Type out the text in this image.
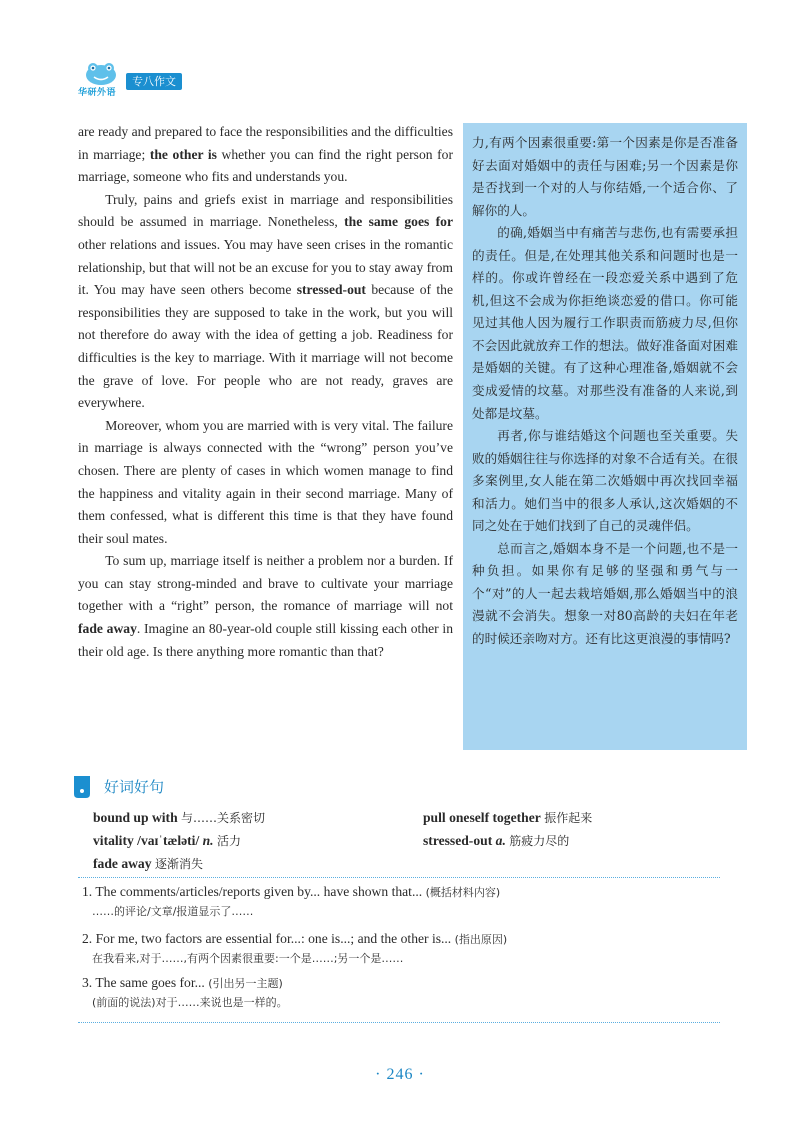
华研外语
专八作文

are ready and prepared to face the responsibilities and the difficulties in marriage; the other is whether you can find the right person for marriage, someone who fits and understands you.

Truly, pains and griefs exist in marriage and responsibilities should be assumed in marriage. Nonetheless, the same goes for other relations and issues. You may have seen crises in the romantic relationship, but that will not be an excuse for you to stay away from it. You may have seen others become stressed-out because of the responsibilities they are supposed to take in the work, but you will not therefore do away with the idea of getting a job. Readiness for difficulties is the key to marriage. With it marriage will not become the grave of love. For people who are not ready, graves are everywhere.

Moreover, whom you are married with is very vital. The failure in marriage is always connected with the “wrong” person you’ve chosen. There are plenty of cases in which women manage to find the happiness and vitality again in their second marriage. Many of them confessed, what is different this time is that they have found their soul mates.

To sum up, marriage itself is neither a problem nor a burden. If you can stay strong-minded and brave to cultivate your marriage together with a “right” person, the romance of marriage will not fade away. Imagine an 80-year-old couple still kissing each other in their old age. Is there anything more romantic than that?

力,有两个因素很重要:第一个因素是你是否准备好去面对婚姻中的责任与困难;另一个因素是你是否找到一个对的人与你结婚,一个适合你、了解你的人。

的确,婚姻当中有痛苦与悲伤,也有需要承担的责任。但是,在处理其他关系和问题时也是一样的。你或许曾经在一段恋爱关系中遇到了危机,但这不会成为你拒绝谈恋爱的借口。你可能见过其他人因为履行工作职责而筋疲力尽,但你不会因此就放弃工作的想法。做好准备面对困难是婚姻的关键。有了这种心理准备,婚姻就不会变成爱情的坟墓。对那些没有准备的人来说,到处都是坟墓。

再者,你与谁结婚这个问题也至关重要。失败的婚姻往往与你选择的对象不合适有关。在很多案例里,女人能在第二次婚姻中再次找回幸福和活力。她们当中的很多人承认,这次婚姻的不同之处在于她们找到了自己的灵魂伴侣。

总而言之,婚姻本身不是一个问题,也不是一种负担。如果你有足够的坚强和勇气与一个“对”的人一起去栽培婚姻,那么婚姻当中的浪漫就不会消失。想象一对80高龄的夫妇在年老的时候还亲吻对方。还有比这更浪漫的事情吗?

好词好句
bound up with 与……关系密切	pull oneself together 振作起来
vitality /vaɪˈtæləti/ n. 活力	stressed-out a. 筋疲力尽的
fade away 逐渐消失
1. The comments/articles/reports given by... have shown that... (概括材料内容)
……的评论/文章/报道显示了……
2. For me, two factors are essential for...: one is...; and the other is... (指出原因)
在我看来,对于……,有两个因素很重要:一个是……;另一个是……
3. The same goes for... (引出另一主题)
(前面的说法)对于……来说也是一样的。
· 246 ·
